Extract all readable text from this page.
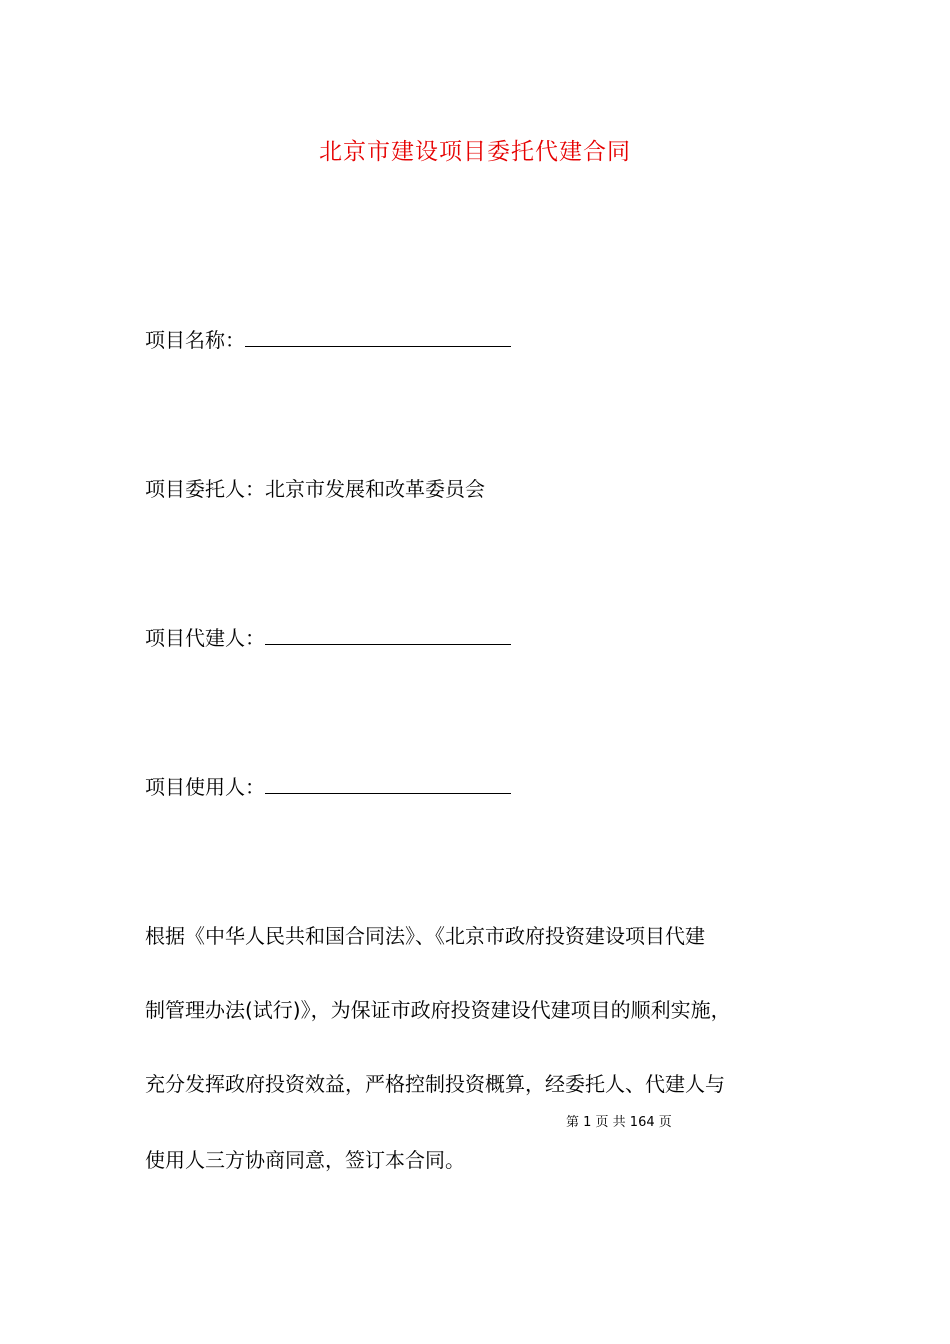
北京市建设项目委托代建合同
项目名称：
项目委托人：北京市发展和改革委员会
项目代建人：
项目使用人：
根据《中华人民共和国合同法》、《北京市政府投资建设项目代建
制管理办法(试行)》，为保证市政府投资建设代建项目的顺利实施，
充分发挥政府投资效益，严格控制投资概算，经委托人、代建人与
使用人三方协商同意，签订本合同。
第 1 页 共 164 页
